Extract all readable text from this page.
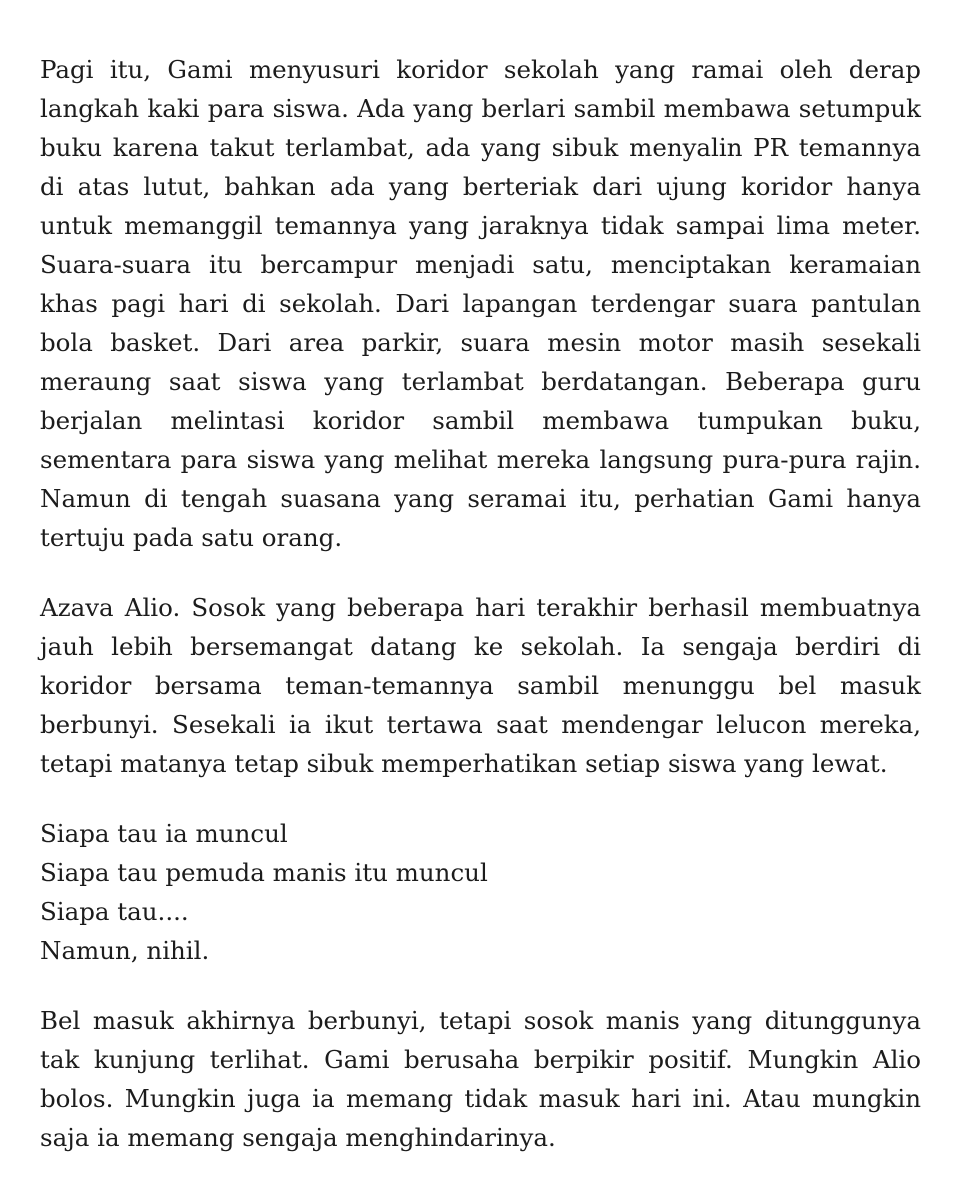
Pagi itu, Gami menyusuri koridor sekolah yang ramai oleh derap langkah kaki para siswa. Ada yang berlari sambil membawa setumpuk buku karena takut terlambat, ada yang sibuk menyalin PR temannya di atas lutut, bahkan ada yang berteriak dari ujung koridor hanya untuk memanggil temannya yang jaraknya tidak sampai lima meter. Suara-suara itu bercampur menjadi satu, menciptakan keramaian khas pagi hari di sekolah. Dari lapangan terdengar suara pantulan bola basket. Dari area parkir, suara mesin motor masih sesekali meraung saat siswa yang terlambat berdatangan. Beberapa guru berjalan melintasi koridor sambil membawa tumpukan buku, sementara para siswa yang melihat mereka langsung pura-pura rajin. Namun di tengah suasana yang seramai itu, perhatian Gami hanya tertuju pada satu orang.

Azava Alio. Sosok yang beberapa hari terakhir berhasil membuatnya jauh lebih bersemangat datang ke sekolah. Ia sengaja berdiri di koridor bersama teman-temannya sambil menunggu bel masuk berbunyi. Sesekali ia ikut tertawa saat mendengar lelucon mereka, tetapi matanya tetap sibuk memperhatikan setiap siswa yang lewat.

Siapa tau ia muncul
Siapa tau pemuda manis itu muncul
Siapa tau....
Namun, nihil.

Bel masuk akhirnya berbunyi, tetapi sosok manis yang ditunggunya tak kunjung terlihat. Gami berusaha berpikir positif. Mungkin Alio bolos. Mungkin juga ia memang tidak masuk hari ini. Atau mungkin saja ia memang sengaja menghindarinya.
